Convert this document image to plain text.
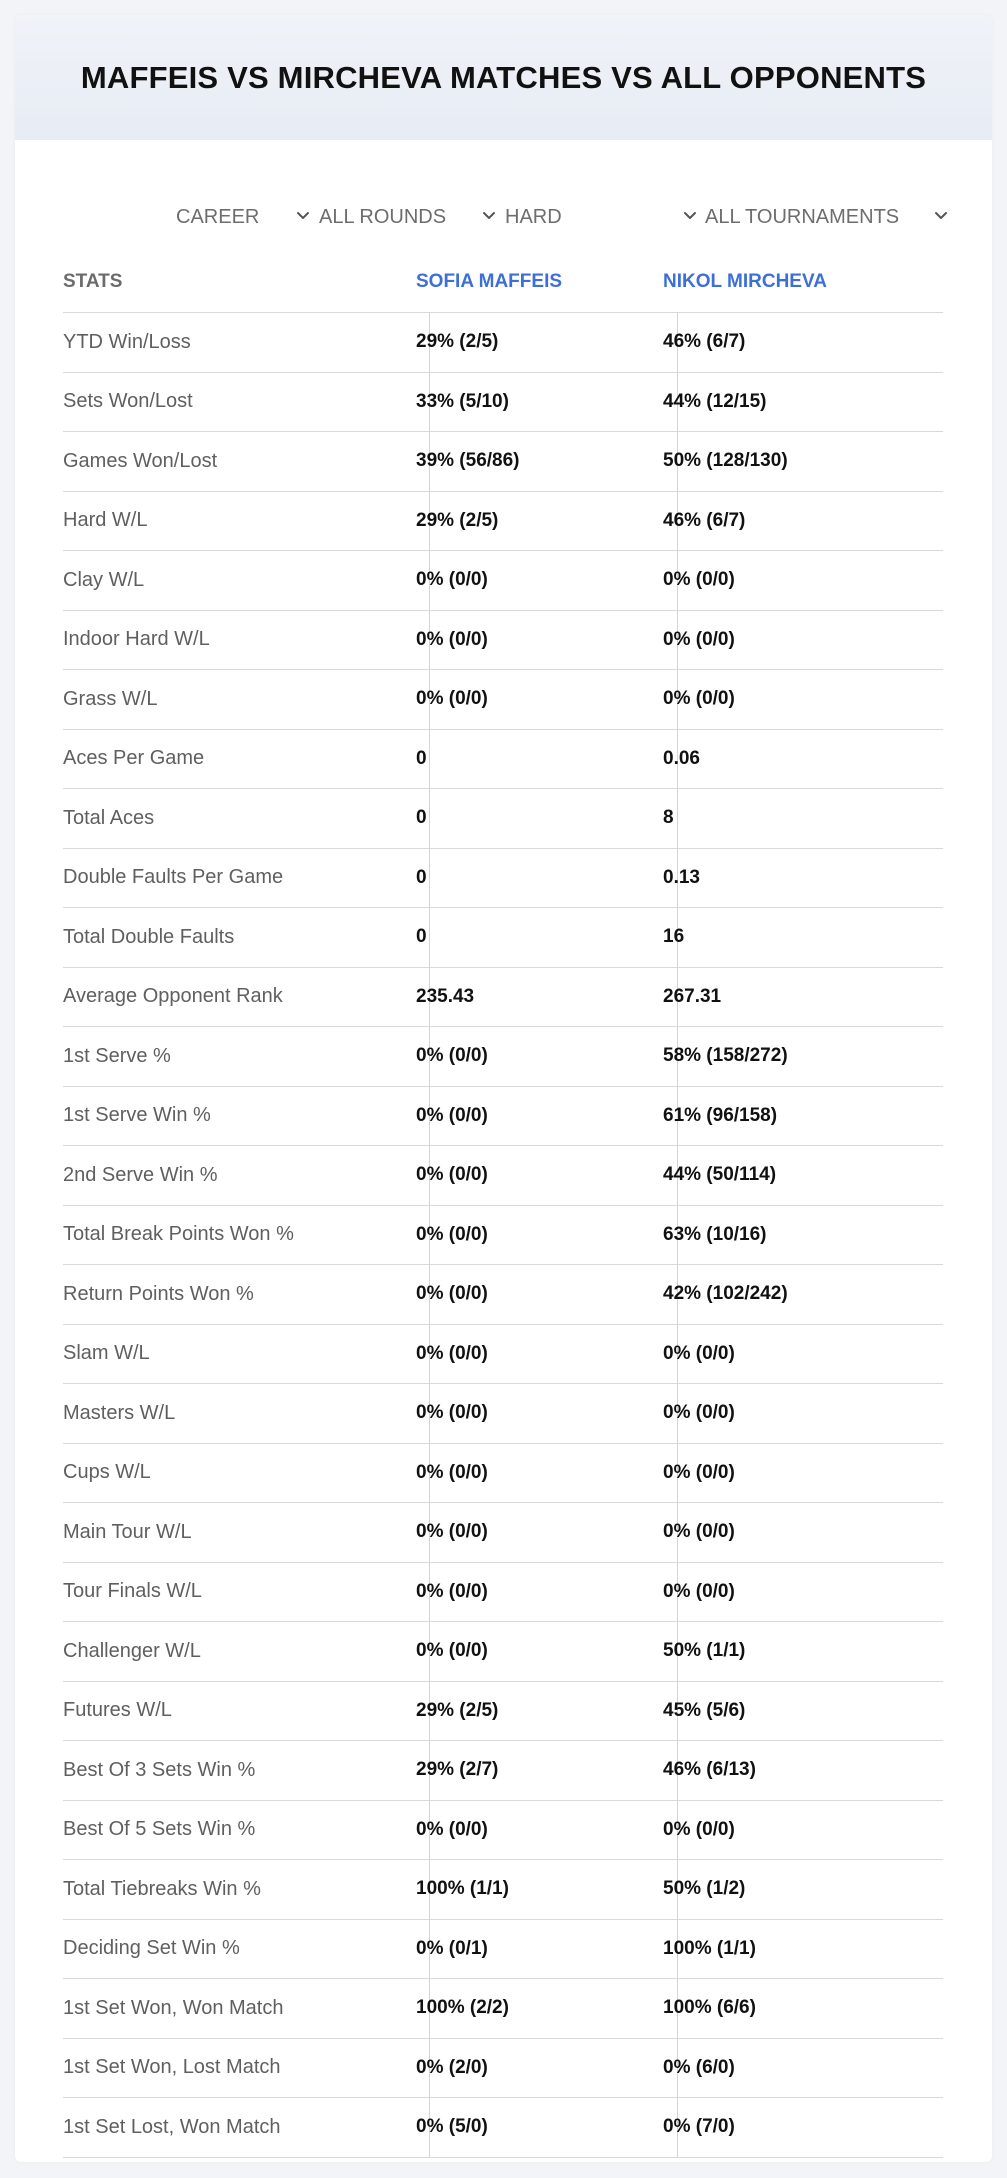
MAFFEIS VS MIRCHEVA MATCHES VS ALL OPPONENTS
CAREER	ALL ROUNDS	HARD	ALL TOURNAMENTS
STATS	SOFIA MAFFEIS	NIKOL MIRCHEVA
YTD Win/Loss	29% (2/5)	46% (6/7)
Sets Won/Lost	33% (5/10)	44% (12/15)
Games Won/Lost	39% (56/86)	50% (128/130)
Hard W/L	29% (2/5)	46% (6/7)
Clay W/L	0% (0/0)	0% (0/0)
Indoor Hard W/L	0% (0/0)	0% (0/0)
Grass W/L	0% (0/0)	0% (0/0)
Aces Per Game	0	0.06
Total Aces	0	8
Double Faults Per Game	0	0.13
Total Double Faults	0	16
Average Opponent Rank	235.43	267.31
1st Serve %	0% (0/0)	58% (158/272)
1st Serve Win %	0% (0/0)	61% (96/158)
2nd Serve Win %	0% (0/0)	44% (50/114)
Total Break Points Won %	0% (0/0)	63% (10/16)
Return Points Won %	0% (0/0)	42% (102/242)
Slam W/L	0% (0/0)	0% (0/0)
Masters W/L	0% (0/0)	0% (0/0)
Cups W/L	0% (0/0)	0% (0/0)
Main Tour W/L	0% (0/0)	0% (0/0)
Tour Finals W/L	0% (0/0)	0% (0/0)
Challenger W/L	0% (0/0)	50% (1/1)
Futures W/L	29% (2/5)	45% (5/6)
Best Of 3 Sets Win %	29% (2/7)	46% (6/13)
Best Of 5 Sets Win %	0% (0/0)	0% (0/0)
Total Tiebreaks Win %	100% (1/1)	50% (1/2)
Deciding Set Win %	0% (0/1)	100% (1/1)
1st Set Won, Won Match	100% (2/2)	100% (6/6)
1st Set Won, Lost Match	0% (2/0)	0% (6/0)
1st Set Lost, Won Match	0% (5/0)	0% (7/0)
